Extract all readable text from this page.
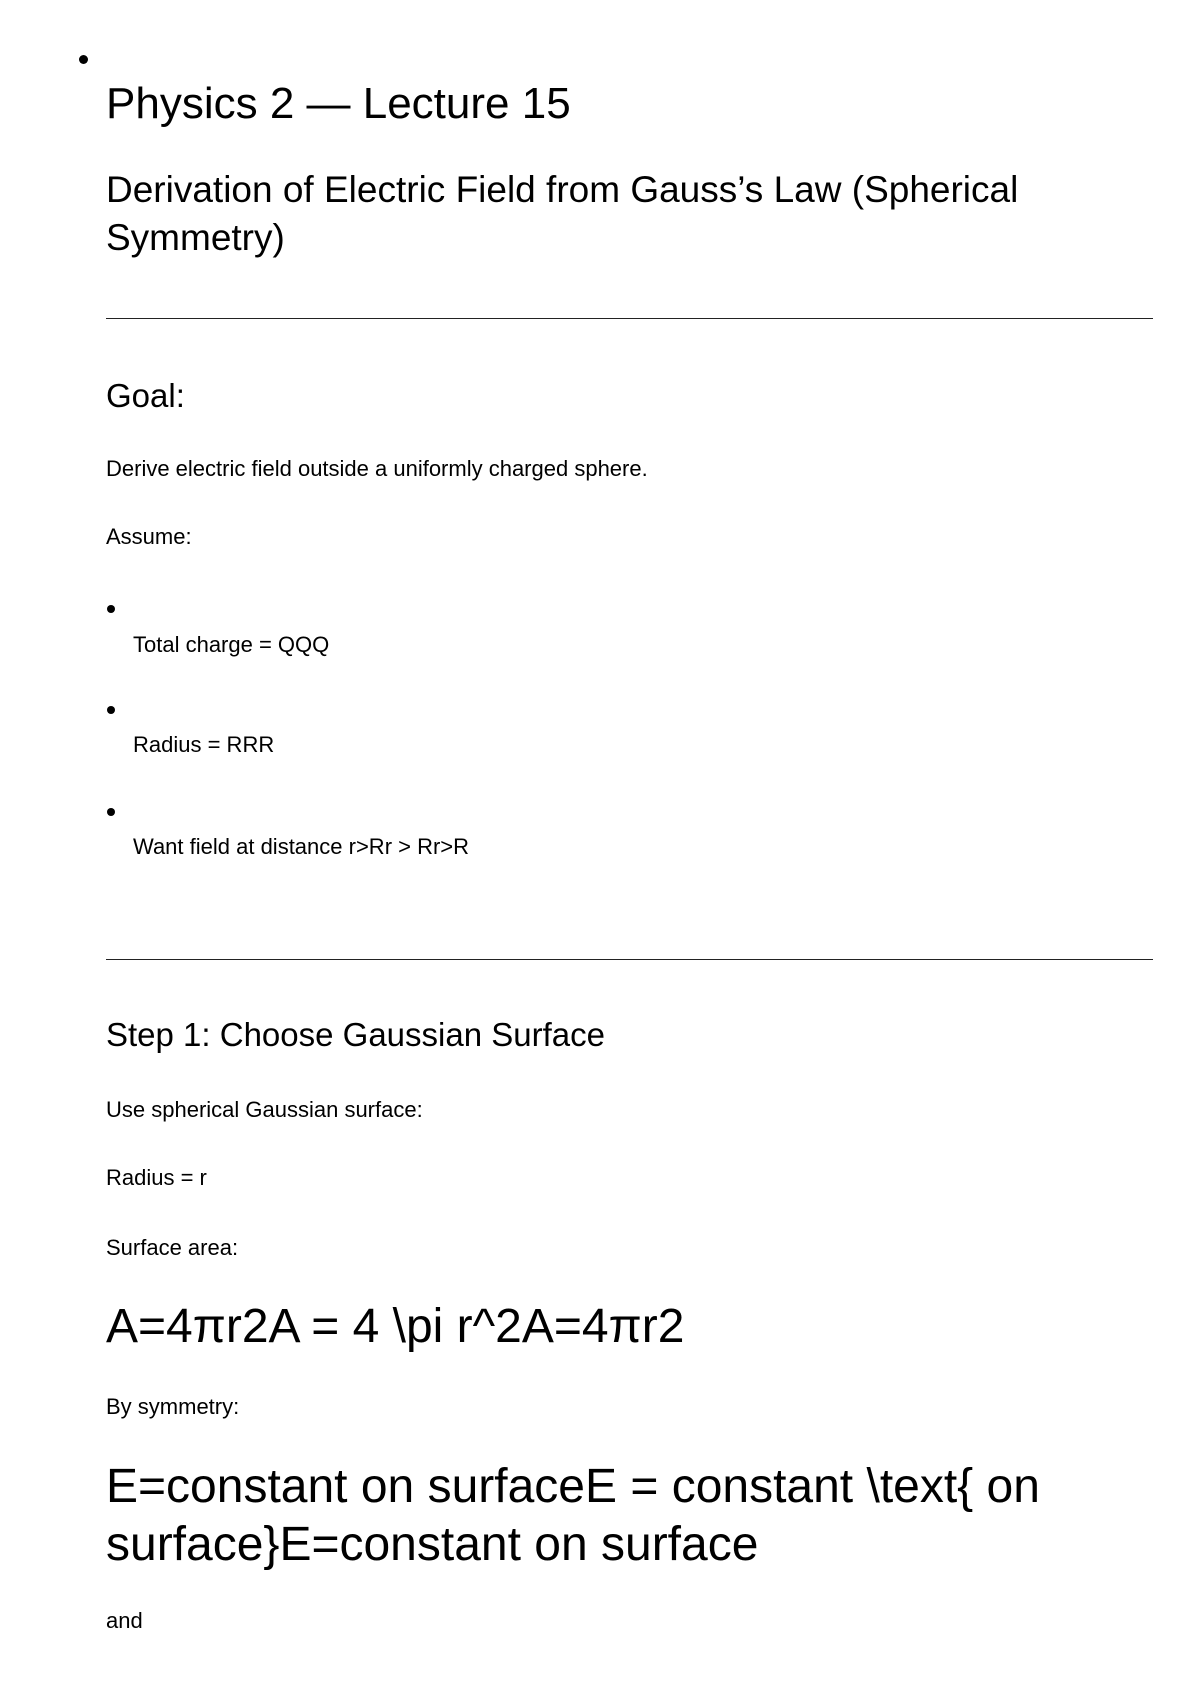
Physics 2 — Lecture 15
Derivation of Electric Field from Gauss’s Law (Spherical Symmetry)
Goal:
Derive electric field outside a uniformly charged sphere.
Assume:
Total charge = QQQ
Radius = RRR
Want field at distance r>Rr > Rr>R
Step 1: Choose Gaussian Surface
Use spherical Gaussian surface:
Radius = r
Surface area:
A=4πr2A = 4 \pi r^2A=4πr2
By symmetry:
E=constant on surfaceE = constant \text{ on surface}E=constant on surface
and
